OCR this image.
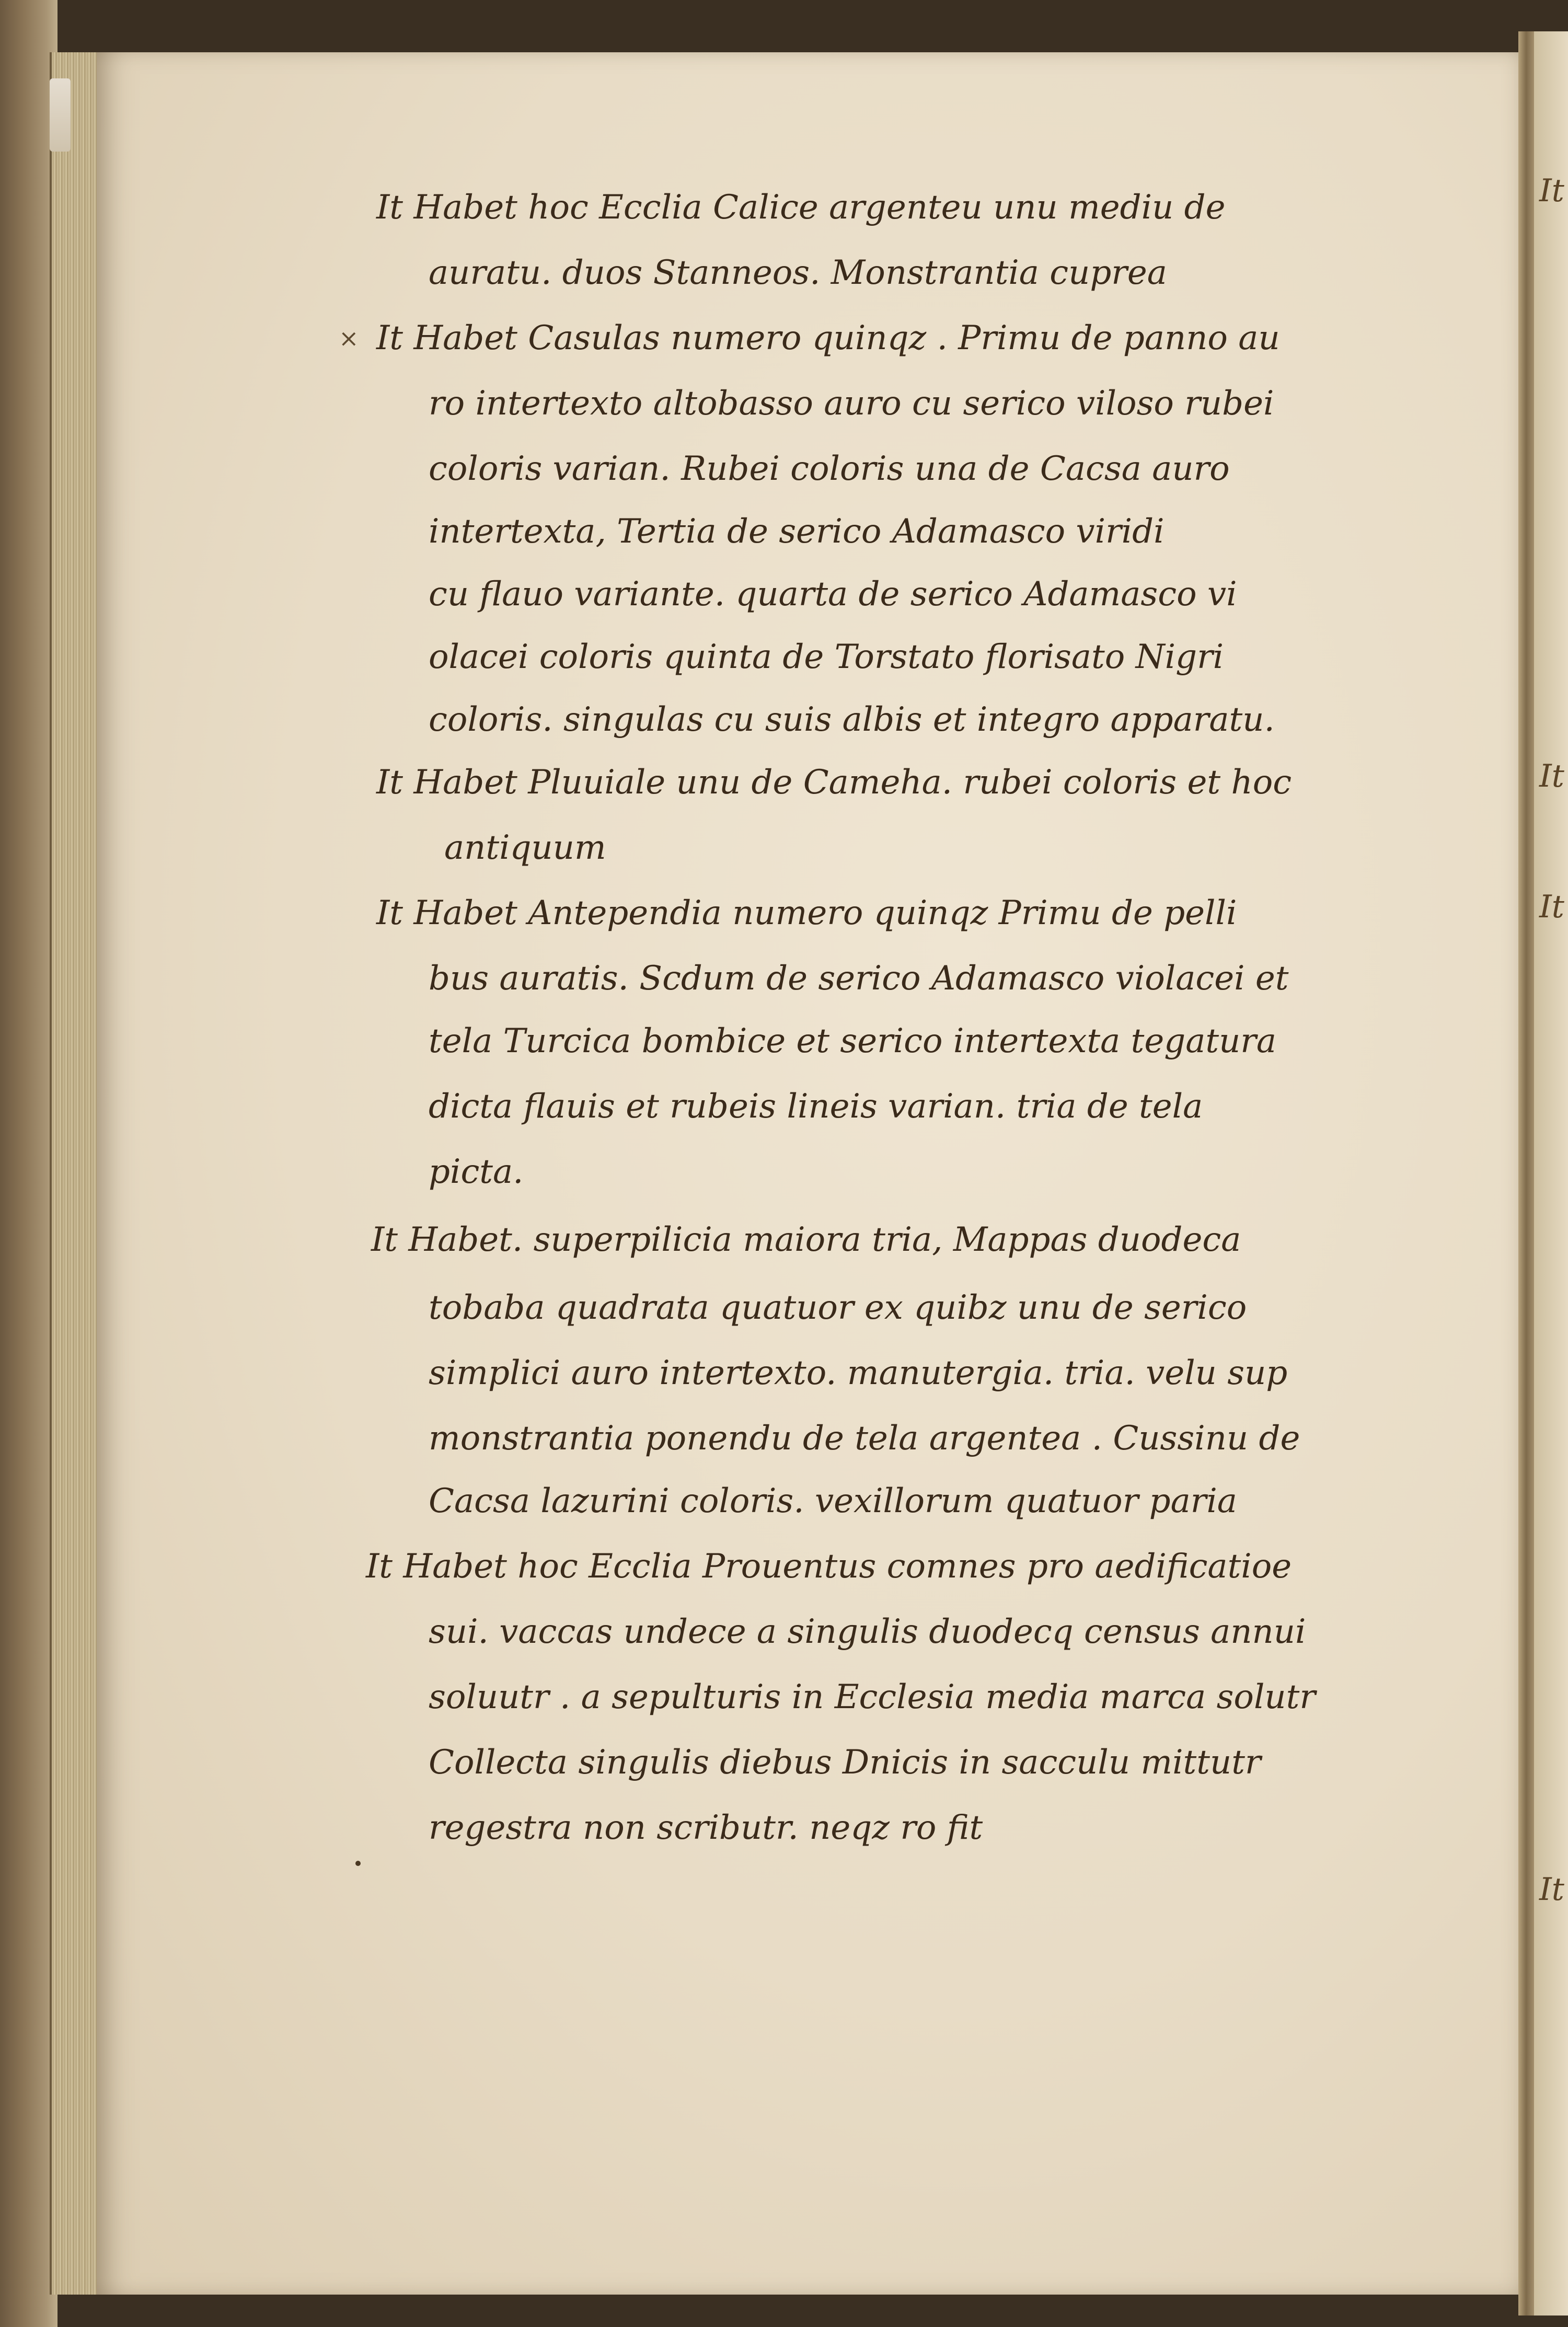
It
It
It
It
×
It Habet hoc Ecclia Calice argenteu unu mediu de
auratu. duos Stanneos. Monstrantia cuprea
It Habet Casulas numero quinqz . Primu de panno au
ro intertexto altobasso auro cu serico viloso rubei
coloris varian. Rubei coloris una de Cacsa auro
intertexta, Tertia de serico Adamasco viridi
cu flauo variante. quarta de serico Adamasco vi
olacei coloris quinta de Torstato florisato Nigri
coloris. singulas cu suis albis et integro apparatu.
It Habet Pluuiale unu de Cameha. rubei coloris et hoc
antiquum
It Habet Antependia numero quinqz Primu de pelli
bus auratis. Scdum de serico Adamasco violacei et
tela Turcica bombice et serico intertexta tegatura
dicta flauis et rubeis lineis varian. tria de tela
picta.
It Habet. superpilicia maiora tria, Mappas duodeca
tobaba quadrata quatuor ex quibz unu de serico
simplici auro intertexto. manutergia. tria. velu sup
monstrantia ponendu de tela argentea . Cussinu de
Cacsa lazurini coloris. vexillorum quatuor paria
It Habet hoc Ecclia Prouentus comnes pro aedificatioe
sui. vaccas undece a singulis duodecq census annui
soluutr . a sepulturis in Ecclesia media marca solutr
Collecta singulis diebus Dnicis in sacculu mittutr
regestra non scributr. neqz ro fit
